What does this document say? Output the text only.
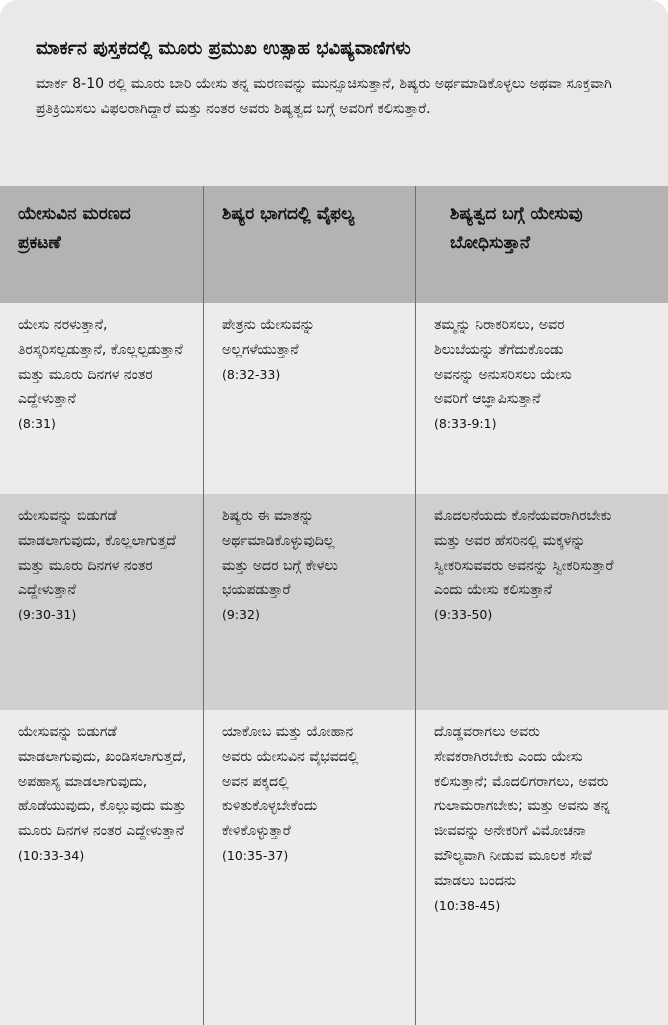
ಮಾರ್ಕನ ಪುಸ್ತಕದಲ್ಲಿ ಮೂರು ಪ್ರಮುಖ ಉತ್ಸಾಹ ಭವಿಷ್ಯವಾಣಿಗಳು
ಮಾರ್ಕ 8-10 ರಲ್ಲಿ ಮೂರು ಬಾರಿ ಯೇಸು ತನ್ನ ಮರಣವನ್ನು ಮುನ್ಸೂಚಿಸುತ್ತಾನೆ, ಶಿಷ್ಯರು ಅರ್ಥಮಾಡಿಕೊಳ್ಳಲು ಅಥವಾ ಸೂಕ್ತವಾಗಿ ಪ್ರತಿಕ್ರಿಯಿಸಲು ವಿಫಲರಾಗಿದ್ದಾರೆ ಮತ್ತು ನಂತರ ಅವರು ಶಿಷ್ಯತ್ವದ ಬಗ್ಗೆ ಅವರಿಗೆ ಕಲಿಸುತ್ತಾರೆ.
ಯೇಸುವಿನ ಮರಣದ ಪ್ರಕಟಣೆ
ಶಿಷ್ಯರ ಭಾಗದಲ್ಲಿ ವೈಫಲ್ಯ	ಶಿಷ್ಯತ್ವದ ಬಗ್ಗೆ ಯೇಸುವು ಬೋಧಿಸುತ್ತಾನೆ
ಯೇಸು ನರಳುತ್ತಾನೆ, ತಿರಸ್ಕರಿಸಲ್ಪಡುತ್ತಾನೆ, ಕೊಲ್ಲಲ್ಪಡುತ್ತಾನೆ ಮತ್ತು ಮೂರು ದಿನಗಳ ನಂತರ ಎದ್ದೇಳುತ್ತಾನೆ
(8:31)
ಪೇತ್ರನು ಯೇಸುವನ್ನು ಅಲ್ಲಗಳೆಯುತ್ತಾನೆ
(8:32-33)
ತಮ್ಮನ್ನು ನಿರಾಕರಿಸಲು, ಅವರ ಶಿಲುಬೆಯನ್ನು ತೆಗೆದುಕೊಂಡು ಅವನನ್ನು ಅನುಸರಿಸಲು ಯೇಸು ಅವರಿಗೆ ಆಜ್ಞಾಪಿಸುತ್ತಾನೆ
(8:33-9:1)
ಯೇಸುವನ್ನು ಬಿಡುಗಡೆ ಮಾಡಲಾಗುವುದು, ಕೊಲ್ಲಲಾಗುತ್ತದೆ ಮತ್ತು ಮೂರು ದಿನಗಳ ನಂತರ ಎದ್ದೇಳುತ್ತಾನೆ
(9:30-31)
ಶಿಷ್ಯರು ಈ ಮಾತನ್ನು ಅರ್ಥಮಾಡಿಕೊಳ್ಳುವುದಿಲ್ಲ ಮತ್ತು ಅದರ ಬಗ್ಗೆ ಕೇಳಲು ಭಯಪಡುತ್ತಾರೆ
(9:32)
ಮೊದಲನೆಯದು ಕೊನೆಯವರಾಗಿರಬೇಕು ಮತ್ತು ಅವರ ಹೆಸರಿನಲ್ಲಿ ಮಕ್ಕಳನ್ನು ಸ್ವೀಕರಿಸುವವರು ಅವನನ್ನು ಸ್ವೀಕರಿಸುತ್ತಾರೆ ಎಂದು ಯೇಸು ಕಲಿಸುತ್ತಾನೆ
(9:33-50)
ಯೇಸುವನ್ನು ಬಿಡುಗಡೆ ಮಾಡಲಾಗುವುದು, ಖಂಡಿಸಲಾಗುತ್ತದೆ, ಅಪಹಾಸ್ಯ ಮಾಡಲಾಗುವುದು, ಹೊಡೆಯುವುದು, ಕೊಲ್ಲುವುದು ಮತ್ತು ಮೂರು ದಿನಗಳ ನಂತರ ಎದ್ದೇಳುತ್ತಾನೆ
(10:33-34)
ಯಾಕೋಬ ಮತ್ತು ಯೋಹಾನ ಅವರು ಯೇಸುವಿನ ವೈಭವದಲ್ಲಿ ಅವನ ಪಕ್ಕದಲ್ಲಿ ಕುಳಿತುಕೊಳ್ಳಬೇಕೆಂದು ಕೇಳಿಕೊಳ್ಳುತ್ತಾರೆ
(10:35-37)
ದೊಡ್ಡವರಾಗಲು ಅವರು ಸೇವಕರಾಗಿರಬೇಕು ಎಂದು ಯೇಸು ಕಲಿಸುತ್ತಾನೆ; ಮೊದಲಿಗರಾಗಲು, ಅವರು ಗುಲಾಮರಾಗಬೇಕು; ಮತ್ತು ಅವನು ತನ್ನ ಜೀವವನ್ನು ಅನೇಕರಿಗೆ ವಿಮೋಚನಾ ಮೌಲ್ಯವಾಗಿ ನೀಡುವ ಮೂಲಕ ಸೇವೆ ಮಾಡಲು ಬಂದನು
(10:38-45)
